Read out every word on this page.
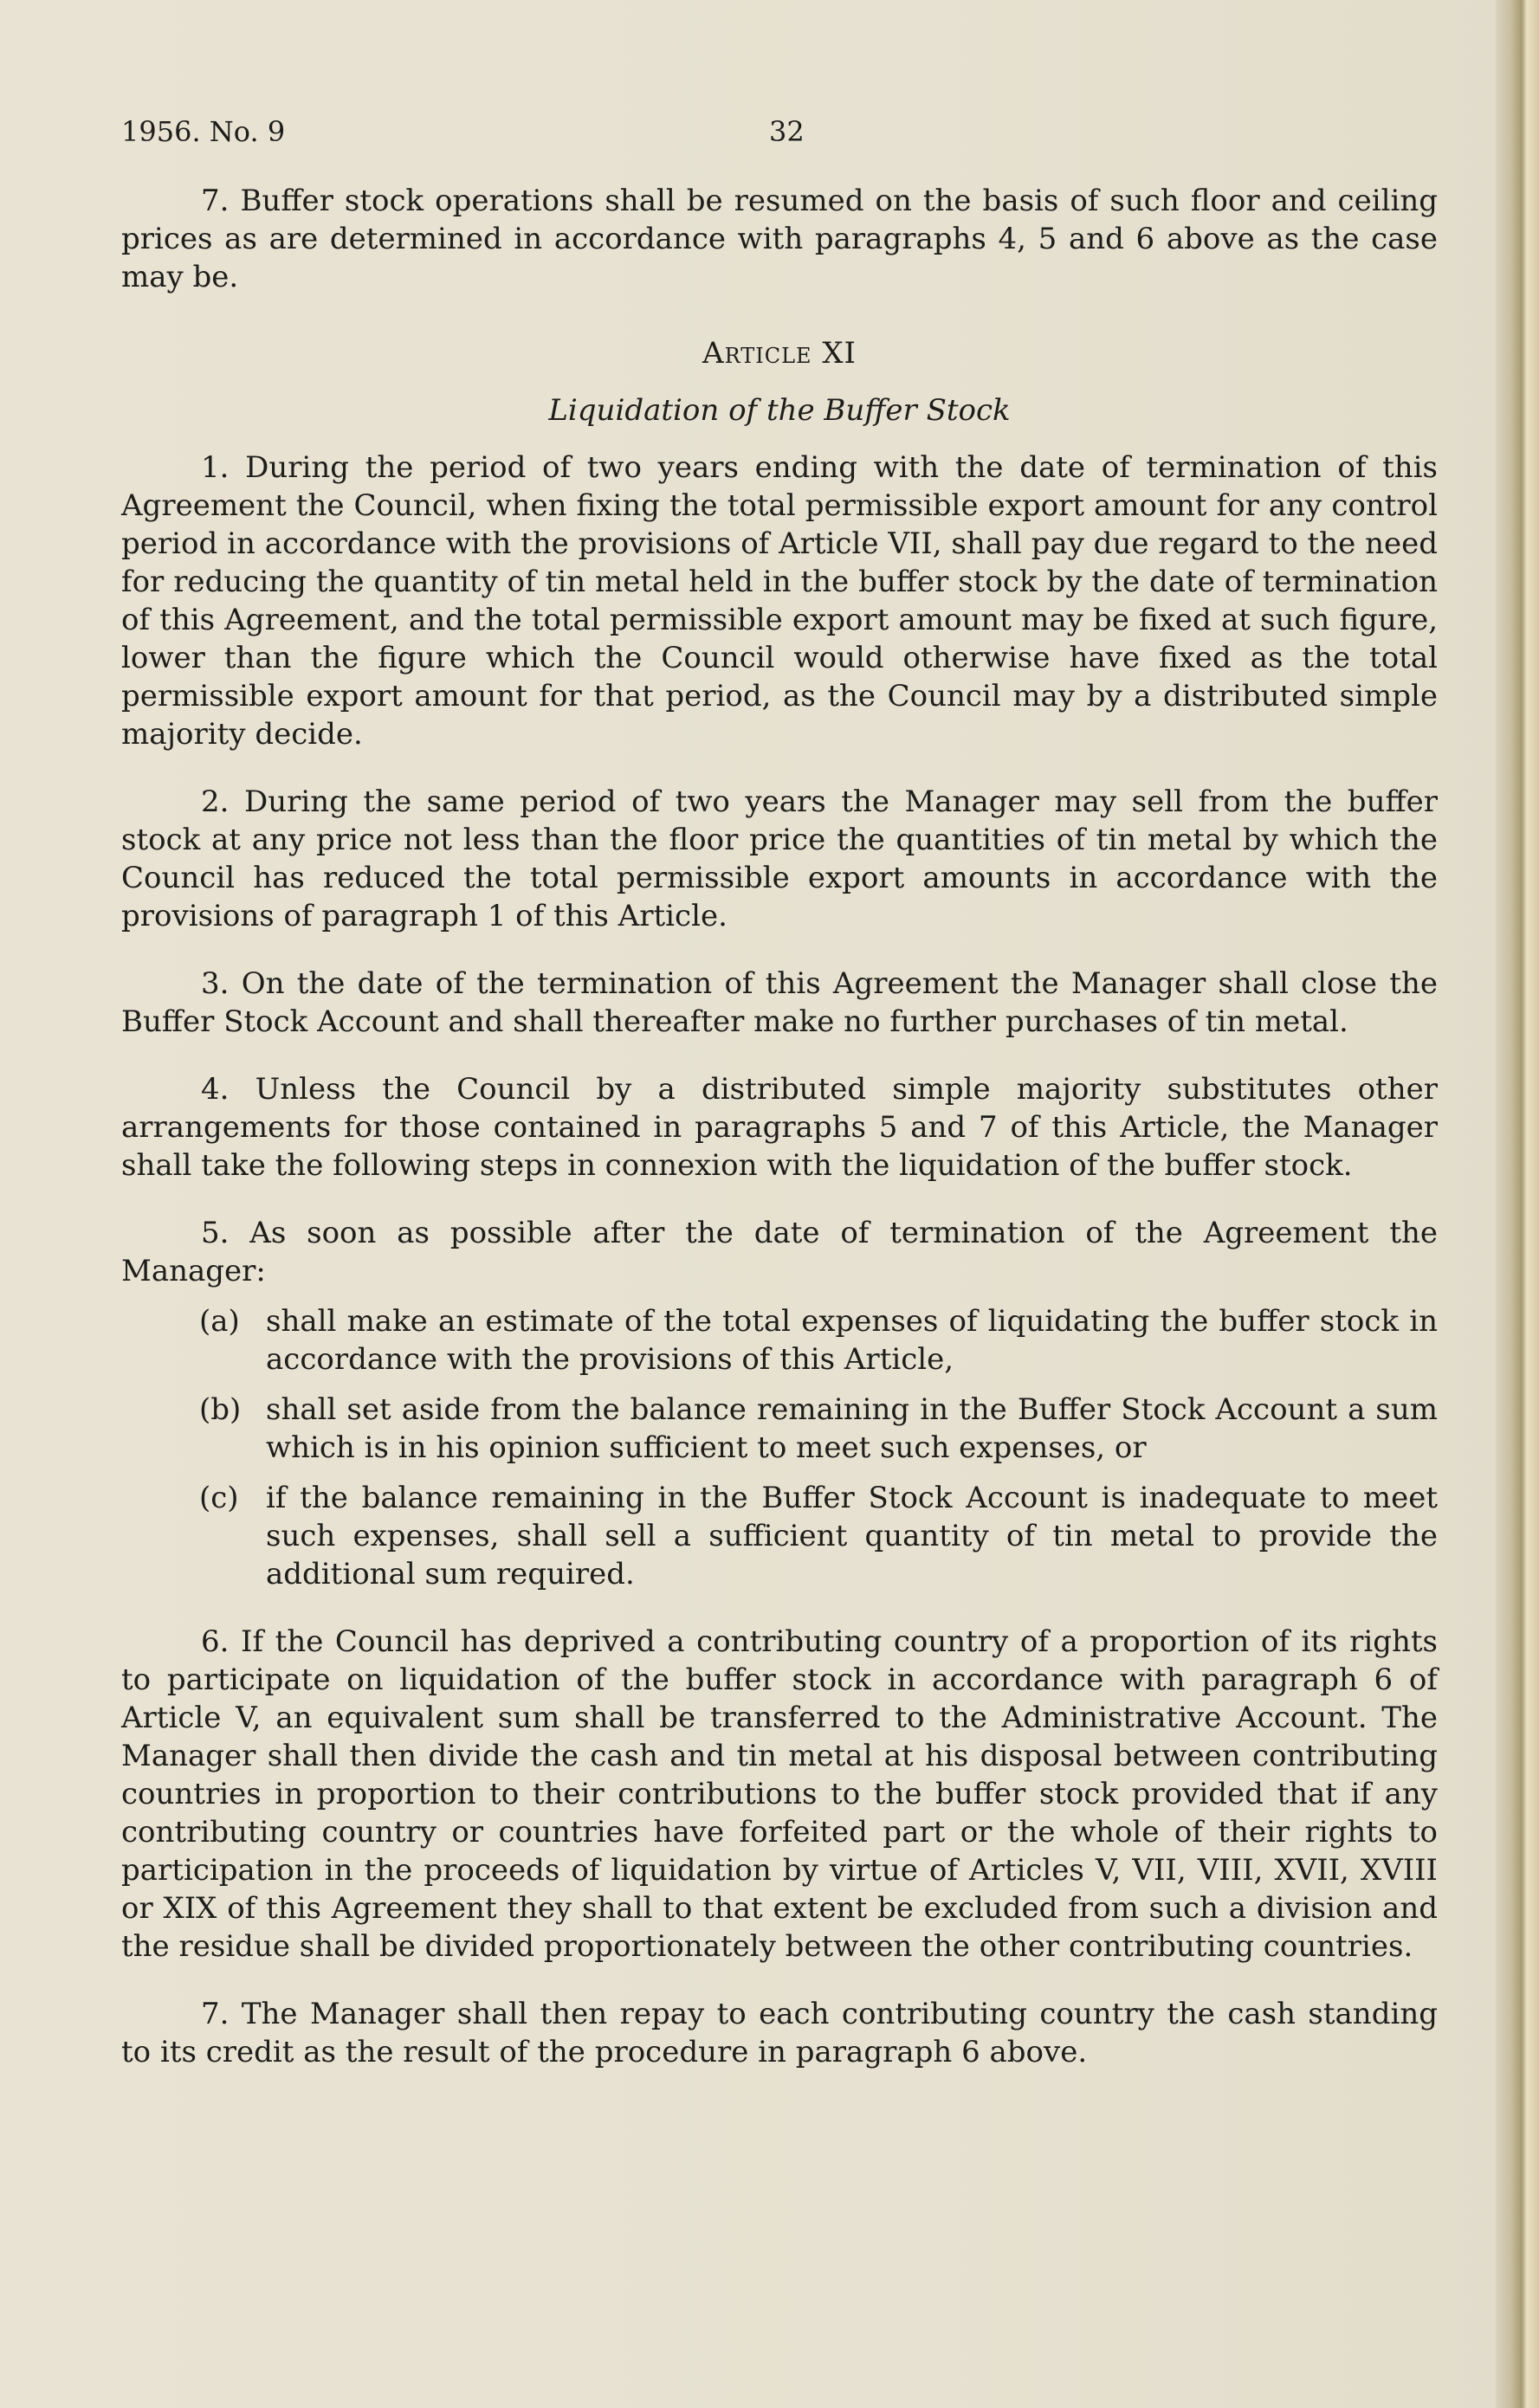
1956. No. 9	32

7. Buffer stock operations shall be resumed on the basis of such floor and ceiling prices as are determined in accordance with paragraphs 4, 5 and 6 above as the case may be.

Article XI

Liquidation of the Buffer Stock

1. During the period of two years ending with the date of termination of this Agreement the Council, when fixing the total permissible export amount for any control period in accordance with the provisions of Article VII, shall pay due regard to the need for reducing the quantity of tin metal held in the buffer stock by the date of termination of this Agreement, and the total permissible export amount may be fixed at such figure, lower than the figure which the Council would otherwise have fixed as the total permissible export amount for that period, as the Council may by a distributed simple majority decide.

2. During the same period of two years the Manager may sell from the buffer stock at any price not less than the floor price the quantities of tin metal by which the Council has reduced the total permissible export amounts in accordance with the provisions of paragraph 1 of this Article.

3. On the date of the termination of this Agreement the Manager shall close the Buffer Stock Account and shall thereafter make no further purchases of tin metal.

4. Unless the Council by a distributed simple majority substitutes other arrangements for those contained in paragraphs 5 and 7 of this Article, the Manager shall take the following steps in connexion with the liquidation of the buffer stock.

5. As soon as possible after the date of termination of the Agreement the Manager:

(a) shall make an estimate of the total expenses of liquidating the buffer stock in accordance with the provisions of this Article,

(b) shall set aside from the balance remaining in the Buffer Stock Account a sum which is in his opinion sufficient to meet such expenses, or

(c) if the balance remaining in the Buffer Stock Account is inadequate to meet such expenses, shall sell a sufficient quantity of tin metal to provide the additional sum required.

6. If the Council has deprived a contributing country of a proportion of its rights to participate on liquidation of the buffer stock in accordance with paragraph 6 of Article V, an equivalent sum shall be transferred to the Administrative Account. The Manager shall then divide the cash and tin metal at his disposal between contributing countries in proportion to their contributions to the buffer stock provided that if any contributing country or countries have forfeited part or the whole of their rights to participation in the proceeds of liquidation by virtue of Articles V, VII, VIII, XVII, XVIII or XIX of this Agreement they shall to that extent be excluded from such a division and the residue shall be divided proportionately between the other contributing countries.

7. The Manager shall then repay to each contributing country the cash standing to its credit as the result of the procedure in paragraph 6 above.
